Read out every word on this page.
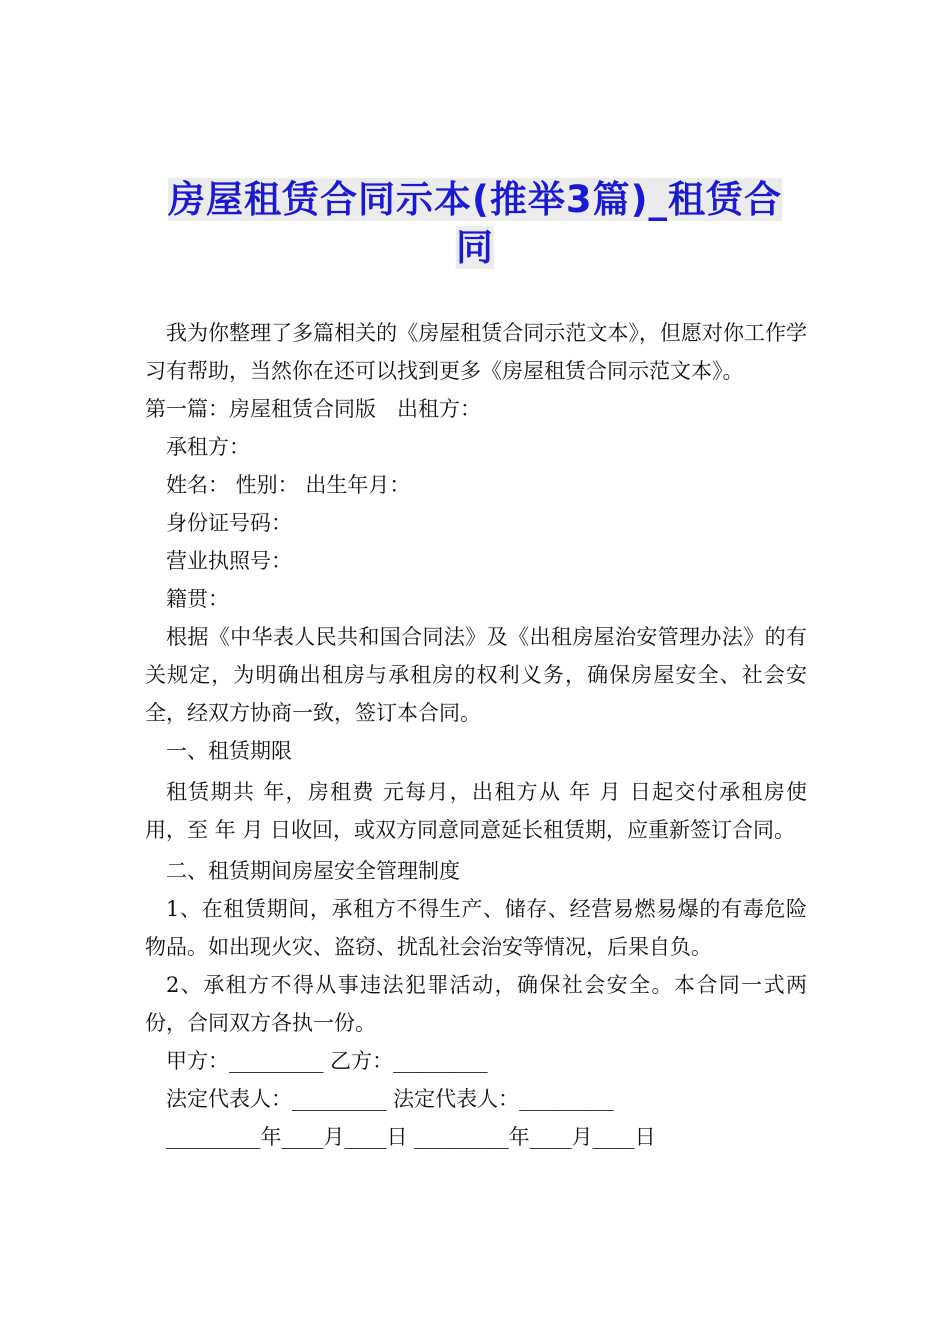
房屋租赁合同示本(推举3篇)_租赁合同

我为你整理了多篇相关的《房屋租赁合同示范文本》，但愿对你工作学习有帮助，当然你在还可以找到更多《房屋租赁合同示范文本》。

第一篇：房屋租赁合同版　出租方：

承租方：

姓名： 性别： 出生年月：

身份证号码：

营业执照号：

籍贯：

根据《中华表人民共和国合同法》及《出租房屋治安管理办法》的有关规定，为明确出租房与承租房的权利义务，确保房屋安全、社会安全，经双方协商一致，签订本合同。

一、租赁期限

租赁期共 年，房租费 元每月，出租方从 年 月 日起交付承租房使用，至 年 月 日收回，或双方同意同意延长租赁期，应重新签订合同。

二、租赁期间房屋安全管理制度

1、在租赁期间，承租方不得生产、储存、经营易燃易爆的有毒危险物品。如出现火灾、盗窃、扰乱社会治安等情况，后果自负。

2、承租方不得从事违法犯罪活动，确保社会安全。本合同一式两份，合同双方各执一份。

甲方：_________ 乙方：_________

法定代表人：_________ 法定代表人：_________

_________年____月____日 _________年____月____日
